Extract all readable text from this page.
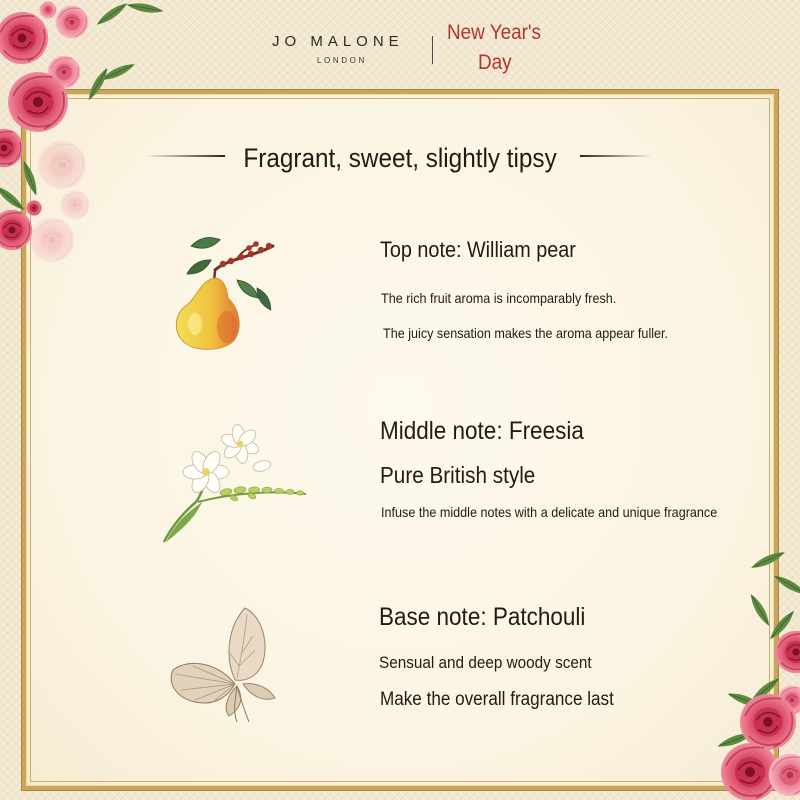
JO MALONE
LONDON
New Year's
Day
Fragrant, sweet, slightly tipsy
Top note: William pear
The rich fruit aroma is incomparably fresh.
The juicy sensation makes the aroma appear fuller.
Middle note: Freesia
Pure British style
Infuse the middle notes with a delicate and unique fragrance
Base note: Patchouli
Sensual and deep woody scent
Make the overall fragrance last
